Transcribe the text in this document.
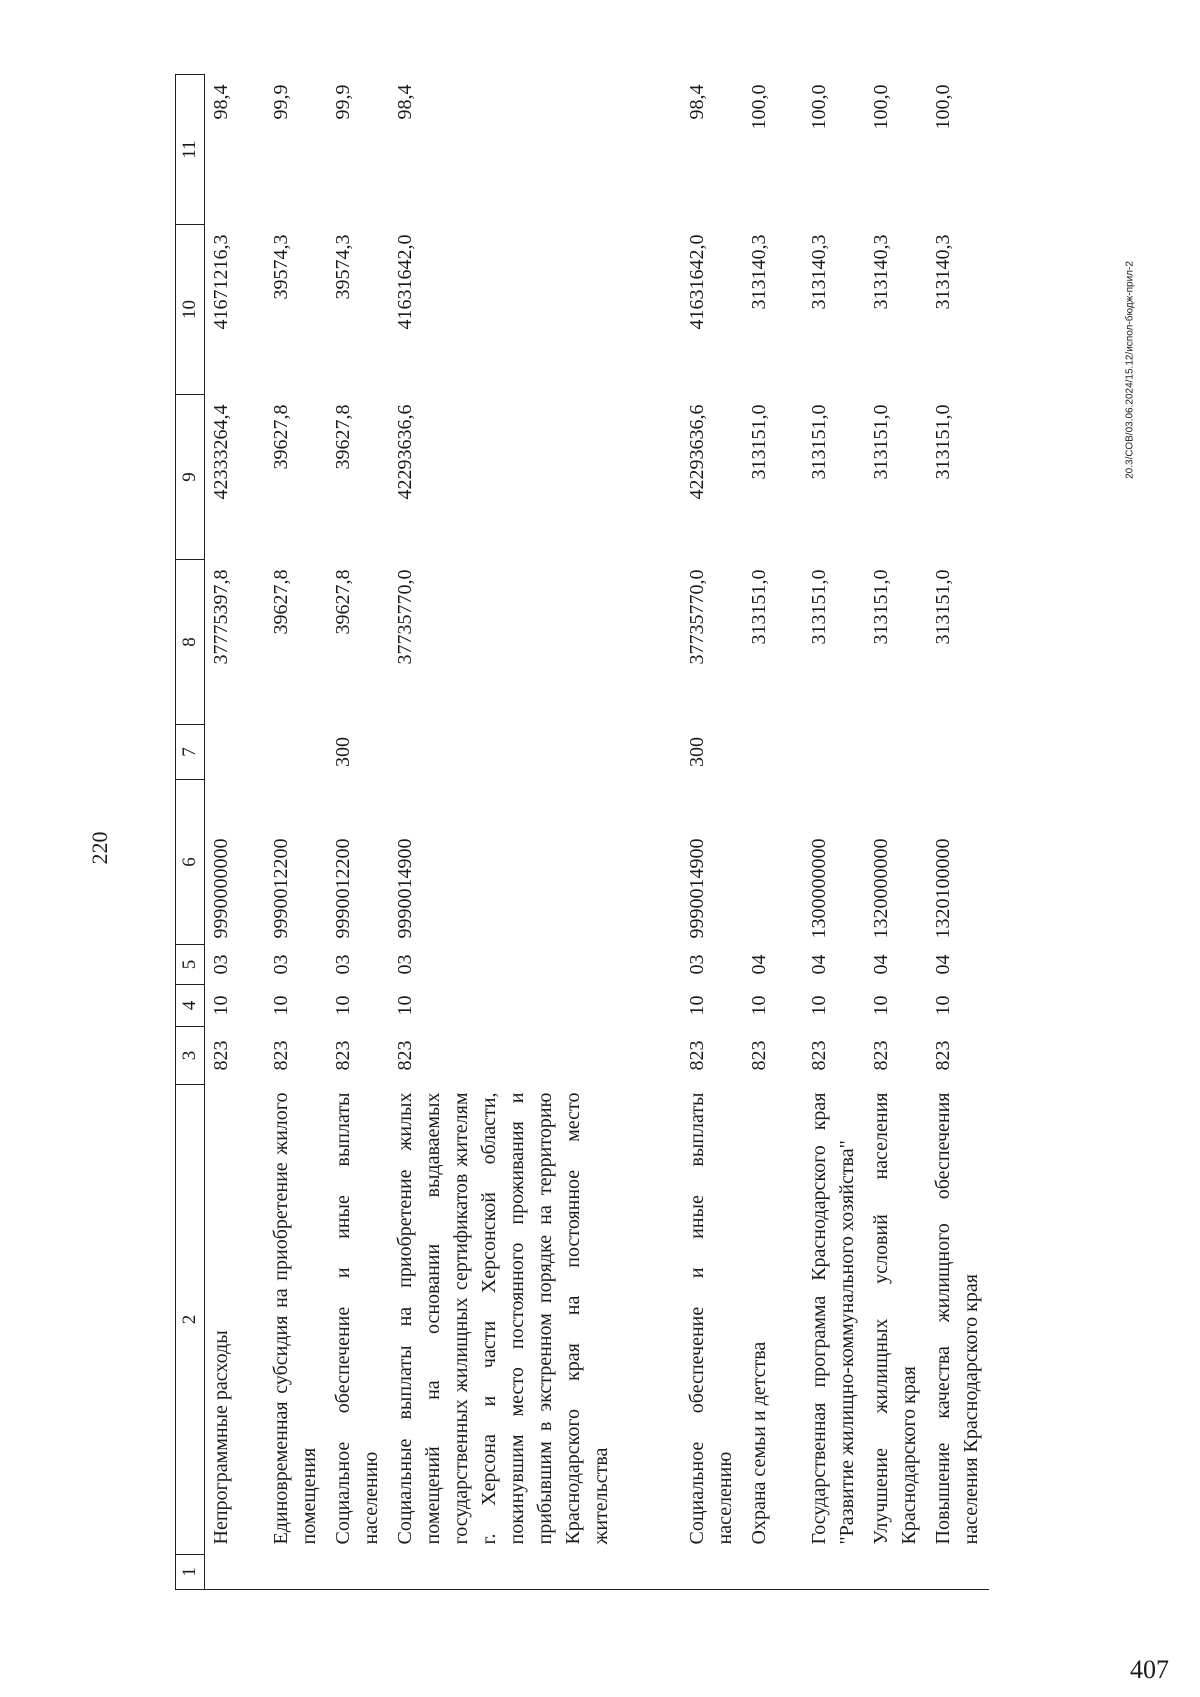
220
20.3/СОВ/03.06.2024/15.12/испол-бюдж-прил-2
407
1	2	3	4	5	6	7	8	9	10	11
	Непрограммные расходы	823	10	03	9990000000		37775397,8	42333264,4	41671216,3	98,4
	Единовременная субсидия на приобретение жилого помещения	823	10	03	9990012200		39627,8	39627,8	39574,3	99,9
	Социальное обеспечение и иные выплаты населению	823	10	03	9990012200	300	39627,8	39627,8	39574,3	99,9
	Социальные выплаты на приобретение жилых помещений на основании выдаваемых государственных жилищных сертификатов жителям г. Херсона и части Херсонской области, покинувшим место постоянного проживания и прибывшим в экстренном порядке на территорию Краснодарского края на постоянное место жительства	823	10	03	9990014900		37735770,0	42293636,6	41631642,0	98,4
	Социальное обеспечение и иные выплаты населению	823	10	03	9990014900	300	37735770,0	42293636,6	41631642,0	98,4
	Охрана семьи и детства	823	10	04			313151,0	313151,0	313140,3	100,0
	Государственная программа Краснодарского края "Развитие жилищно-коммунального хозяйства"	823	10	04	1300000000		313151,0	313151,0	313140,3	100,0
	Улучшение жилищных условий населения Краснодарского края	823	10	04	1320000000		313151,0	313151,0	313140,3	100,0
	Повышение качества жилищного обеспечения населения Краснодарского края	823	10	04	1320100000		313151,0	313151,0	313140,3	100,0
